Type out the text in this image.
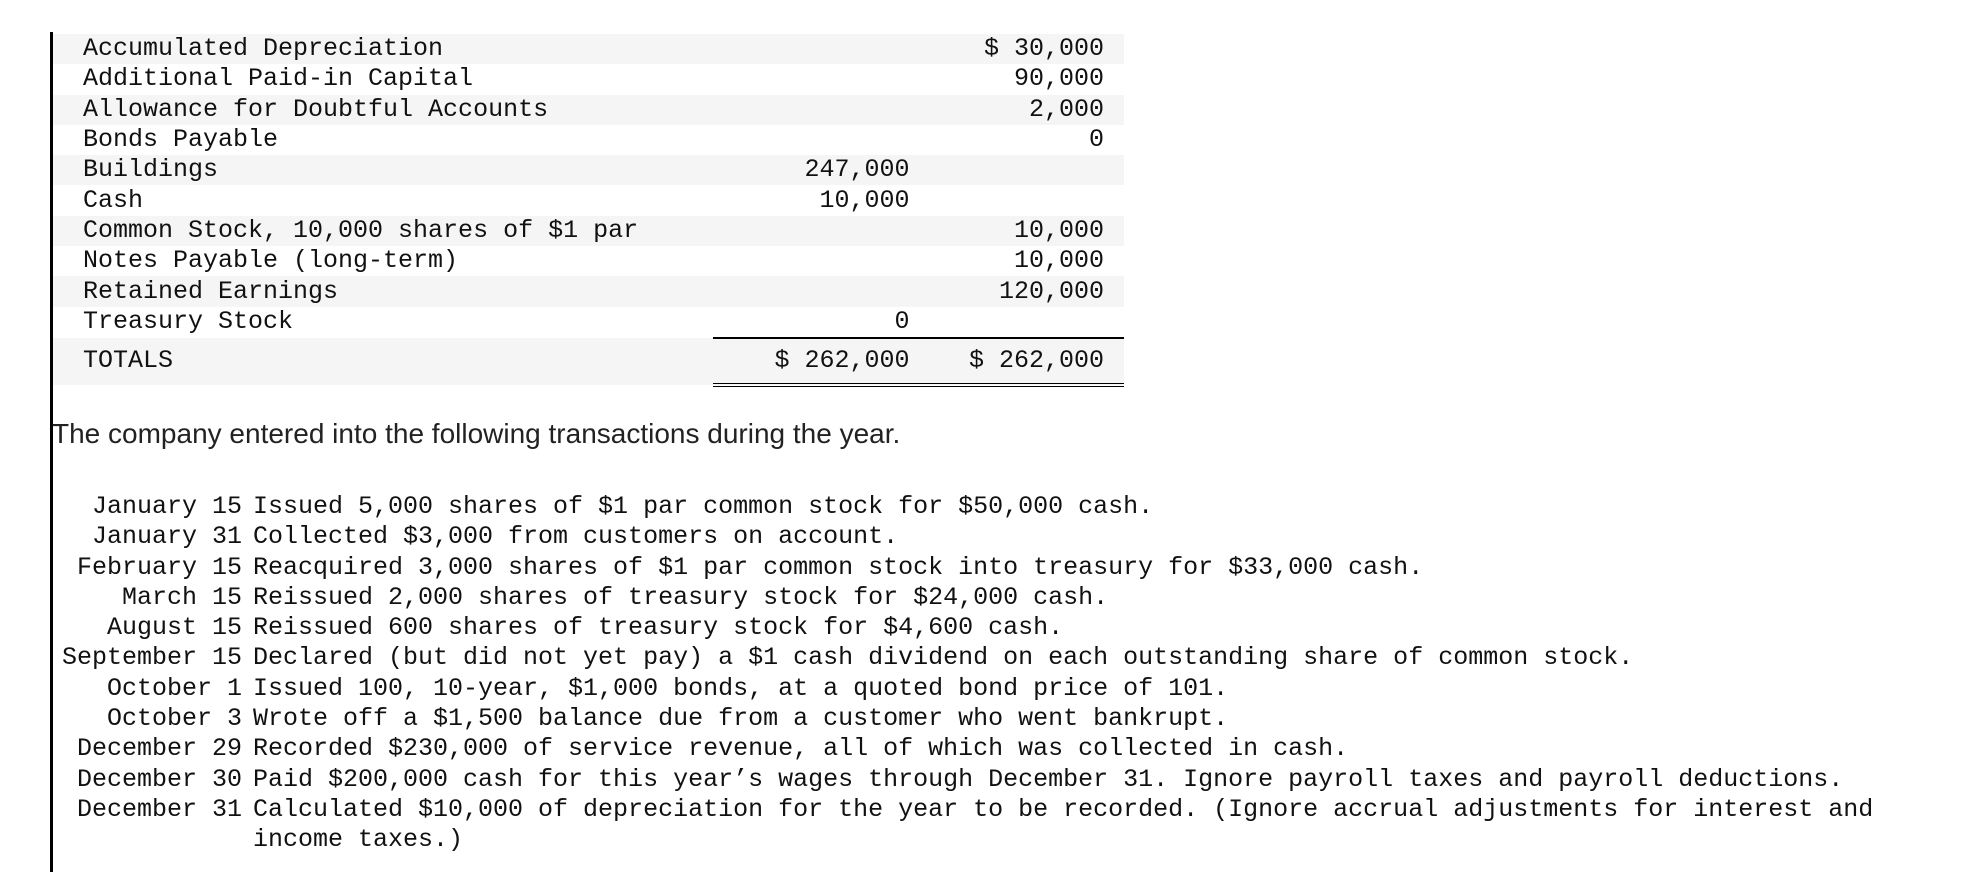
Accumulated Depreciation			$ 30,000
Additional Paid-in Capital			90,000
Allowance for Doubtful Accounts			2,000
Bonds Payable			0
Buildings	247,000		
Cash	10,000		
Common Stock, 10,000 shares of $1 par			10,000
Notes Payable (long-term)			10,000
Retained Earnings			120,000
Treasury Stock	0		
TOTALS	$ 262,000		$ 262,000
The company entered into the following transactions during the year.
January 15 Issued 5,000 shares of $1 par common stock for $50,000 cash.
January 31 Collected $3,000 from customers on account.
February 15 Reacquired 3,000 shares of $1 par common stock into treasury for $33,000 cash.
March 15 Reissued 2,000 shares of treasury stock for $24,000 cash.
August 15 Reissued 600 shares of treasury stock for $4,600 cash.
September 15 Declared (but did not yet pay) a $1 cash dividend on each outstanding share of common stock.
October 1 Issued 100, 10-year, $1,000 bonds, at a quoted bond price of 101.
October 3 Wrote off a $1,500 balance due from a customer who went bankrupt.
December 29 Recorded $230,000 of service revenue, all of which was collected in cash.
December 30 Paid $200,000 cash for this year’s wages through December 31. Ignore payroll taxes and payroll deductions.
December 31 Calculated $10,000 of depreciation for the year to be recorded. (Ignore accrual adjustments for interest and income taxes.)
